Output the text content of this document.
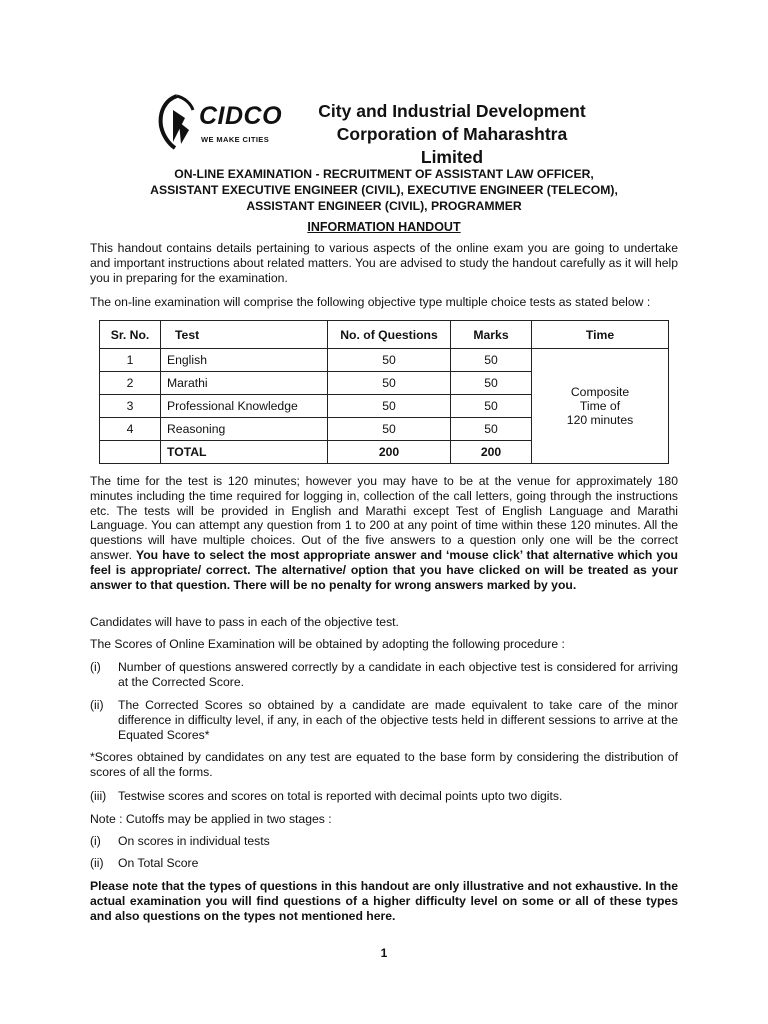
CIDCO
WE MAKE CITIES
City and Industrial Development
Corporation of Maharashtra Limited
ON-LINE EXAMINATION - RECRUITMENT OF ASSISTANT LAW OFFICER,
ASSISTANT EXECUTIVE ENGINEER (CIVIL), EXECUTIVE ENGINEER (TELECOM),
ASSISTANT ENGINEER (CIVIL), PROGRAMMER
INFORMATION HANDOUT

This handout contains details pertaining to various aspects of the online exam you are going to undertake and important instructions about related matters. You are advised to study the handout carefully as it will help you in preparing for the examination.

The on-line examination will comprise the following objective type multiple choice tests as stated below :

Sr. No.	Test	No. of Questions	Marks	Time
1	English	50	50	Composite
Time of
120 minutes

2	Marathi	50	50	
3	Professional Knowledge	50	50	
4	Reasoning	50	50	
	TOTAL	200	200	

The time for the test is 120 minutes; however you may have to be at the venue for approximately 180 minutes including the time required for logging in, collection of the call letters, going through the instructions etc. The tests will be provided in English and Marathi except Test of English Language and Marathi Language. You can attempt any question from 1 to 200 at any point of time within these 120 minutes. All the questions will have multiple choices. Out of the five answers to a question only one will be the correct answer. You have to select the most appropriate answer and ‘mouse click’ that alternative which you feel is appropriate/ correct. The alternative/ option that you have clicked on will be treated as your answer to that question. There will be no penalty for wrong answers marked by you.

Candidates will have to pass in each of the objective test.

The Scores of Online Examination will be obtained by adopting the following procedure :

(i) Number of questions answered correctly by a candidate in each objective test is considered for arriving at the Corrected Score.
(ii) The Corrected Scores so obtained by a candidate are made equivalent to take care of the minor difference in difficulty level, if any, in each of the objective tests held in different sessions to arrive at the Equated Scores*

*Scores obtained by candidates on any test are equated to the base form by considering the distribution of scores of all the forms.

(iii) Testwise scores and scores on total is reported with decimal points upto two digits.

Note : Cutoffs may be applied in two stages :

(i) On scores in individual tests
(ii) On Total Score

Please note that the types of questions in this handout are only illustrative and not exhaustive. In the actual examination you will find questions of a higher difficulty level on some or all of these types and also questions on the types not mentioned here.

1
